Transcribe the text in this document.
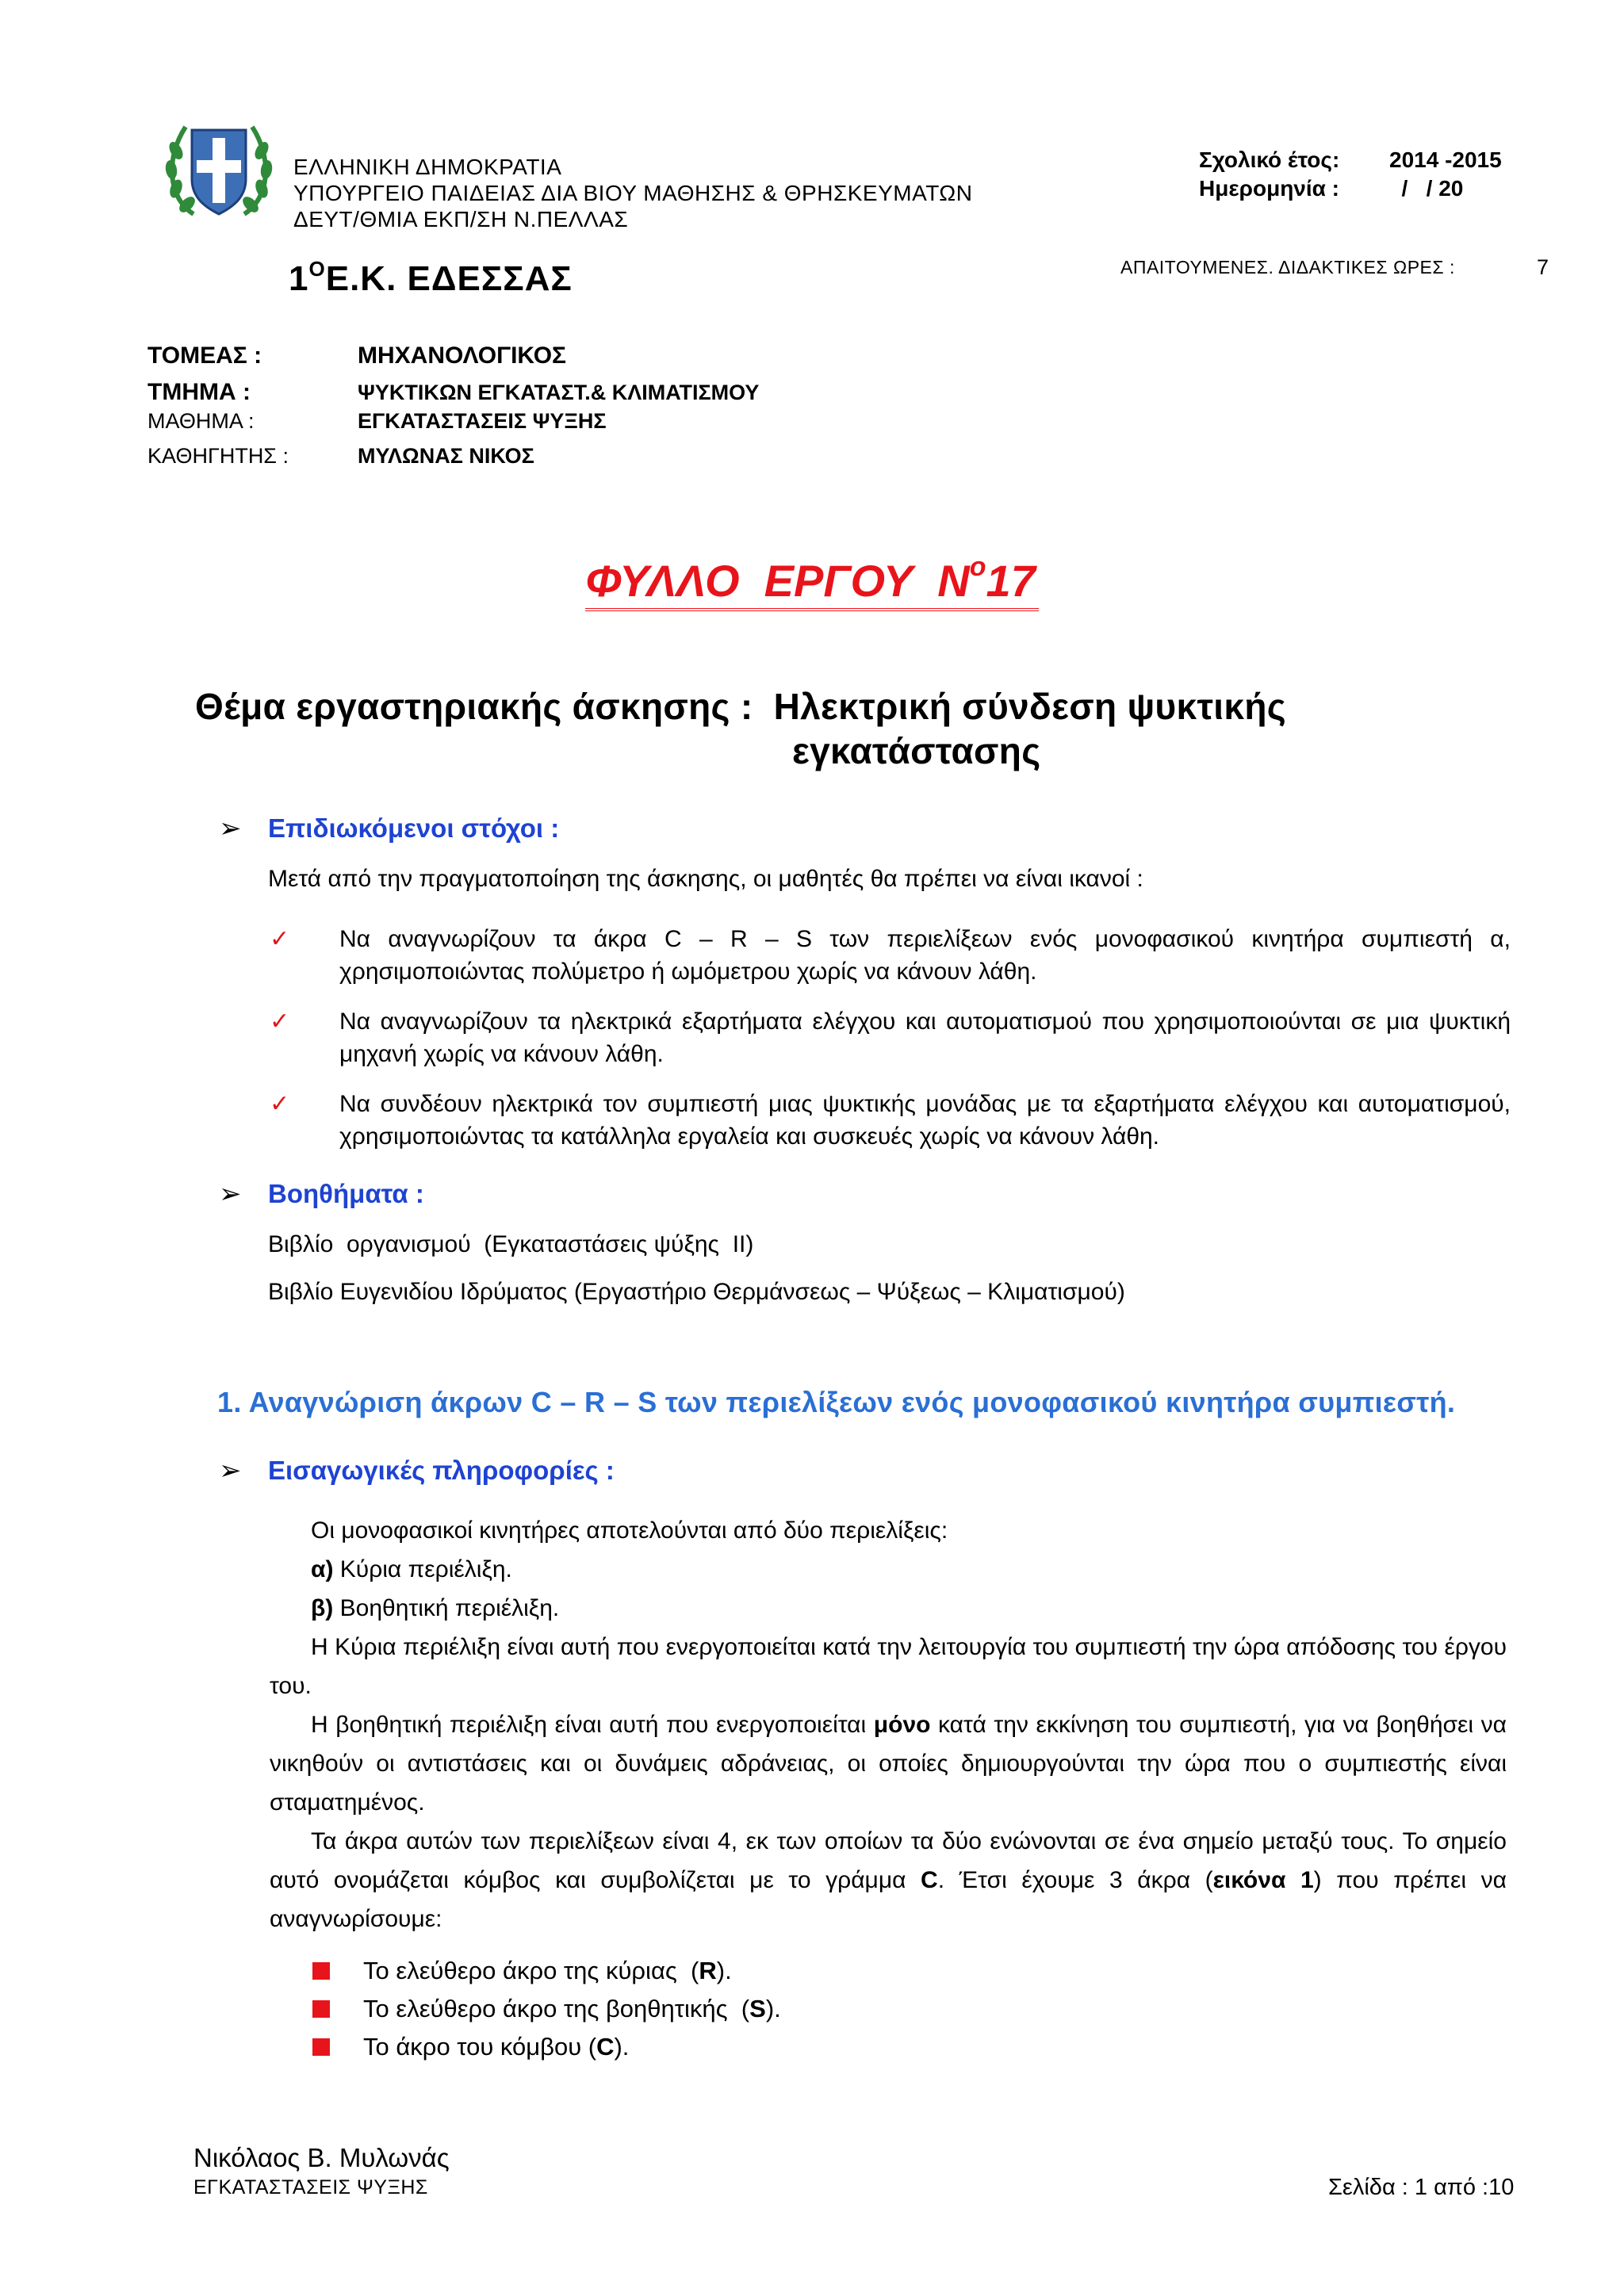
ΕΛΛΗΝΙΚΗ ΔΗΜΟΚΡΑΤΙΑ
ΥΠΟΥΡΓΕΙΟ ΠΑΙΔΕΙΑΣ ΔΙΑ ΒΙΟΥ ΜΑΘΗΣΗΣ & ΘΡΗΣΚΕΥΜΑΤΩΝ
ΔΕΥΤ/ΘΜΙΑ ΕΚΠ/ΣΗ Ν.ΠΕΛΛΑΣ
Σχολικό έτος:	2014 -2015
Ημερομηνία :	/   / 20
$1^OE.K$. ΕΔΕΣΣΑΣ	ΑΠΑΙΤΟΥΜΕΝΕΣ. ΔΙΔΑΚΤΙΚΕΣ ΩΡΕΣ :	7
ΤΟΜΕΑΣ :	ΜΗΧΑΝΟΛΟΓΙΚΟΣ
ΤΜΗΜΑ :	ΨΥΚΤΙΚΩΝ ΕΓΚΑΤΑΣΤ.& ΚΛΙΜΑΤΙΣΜΟΥ
ΜΑΘΗΜΑ :	ΕΓΚΑΤΑΣΤΑΣΕΙΣ ΨΥΞΗΣ
ΚΑΘΗΓΗΤΗΣ :	ΜΥΛΩΝΑΣ ΝΙΚΟΣ
ΦΥΛΛΟ  ΕΡΓΟΥ  $N^o17$
Θέμα εργαστηριακής άσκησης :  Ηλεκτρική σύνδεση ψυκτικής
εγκατάστασης
➢	Επιδιωκόμενοι στόχοι :
Μετά από την πραγματοποίηση της άσκησης, οι μαθητές θα πρέπει να είναι ικανοί :
✓	Να αναγνωρίζουν τα άκρα C – R – S των περιελίξεων ενός μονοφασικού κινητήρα συμπιεστή α, χρησιμοποιώντας πολύμετρο ή ωμόμετρου χωρίς να κάνουν λάθη.
✓	Να αναγνωρίζουν τα ηλεκτρικά εξαρτήματα ελέγχου και αυτοματισμού που χρησιμοποιούνται σε μια ψυκτική μηχανή χωρίς να κάνουν λάθη.
✓	Να συνδέουν ηλεκτρικά τον συμπιεστή μιας ψυκτικής μονάδας με τα εξαρτήματα ελέγχου και αυτοματισμού, χρησιμοποιώντας τα κατάλληλα εργαλεία και συσκευές χωρίς να κάνουν λάθη.
➢	Βοηθήματα :
Βιβλίο  οργανισμού  (Εγκαταστάσεις ψύξης  II)
Βιβλίο Ευγενιδίου Ιδρύματος (Εργαστήριο Θερμάνσεως – Ψύξεως – Κλιματισμού)
1. Αναγνώριση άκρων C – R – S των περιελίξεων ενός μονοφασικού κινητήρα συμπιεστή.
➢	Εισαγωγικές πληροφορίες :

Οι μονοφασικοί κινητήρες αποτελούνται από δύο περιελίξεις:

α) Κύρια περιέλιξη.

β) Βοηθητική περιέλιξη.

Η Κύρια περιέλιξη είναι αυτή που ενεργοποιείται κατά την λειτουργία του συμπιεστή την ώρα απόδοσης του έργου του.

Η βοηθητική περιέλιξη είναι αυτή που ενεργοποιείται μόνο κατά την εκκίνηση του συμπιεστή, για να βοηθήσει να νικηθούν οι αντιστάσεις και οι δυνάμεις αδράνειας, οι οποίες δημιουργούνται την ώρα που ο συμπιεστής είναι σταματημένος.

Τα άκρα αυτών των περιελίξεων είναι 4, εκ των οποίων τα δύο ενώνονται σε ένα σημείο μεταξύ τους. Το σημείο αυτό ονομάζεται κόμβος και συμβολίζεται με το γράμμα C. Έτσι έχουμε 3 άκρα (εικόνα 1) που πρέπει να αναγνωρίσουμε:

Το ελεύθερο άκρο της κύριας  (R).
Το ελεύθερο άκρο της βοηθητικής  (S).
Το άκρο του κόμβου (C).
Νικόλαος Β. Μυλωνάς
ΕΓΚΑΤΑΣΤΑΣΕΙΣ ΨΥΞΗΣ	Σελίδα : 1 από :10
